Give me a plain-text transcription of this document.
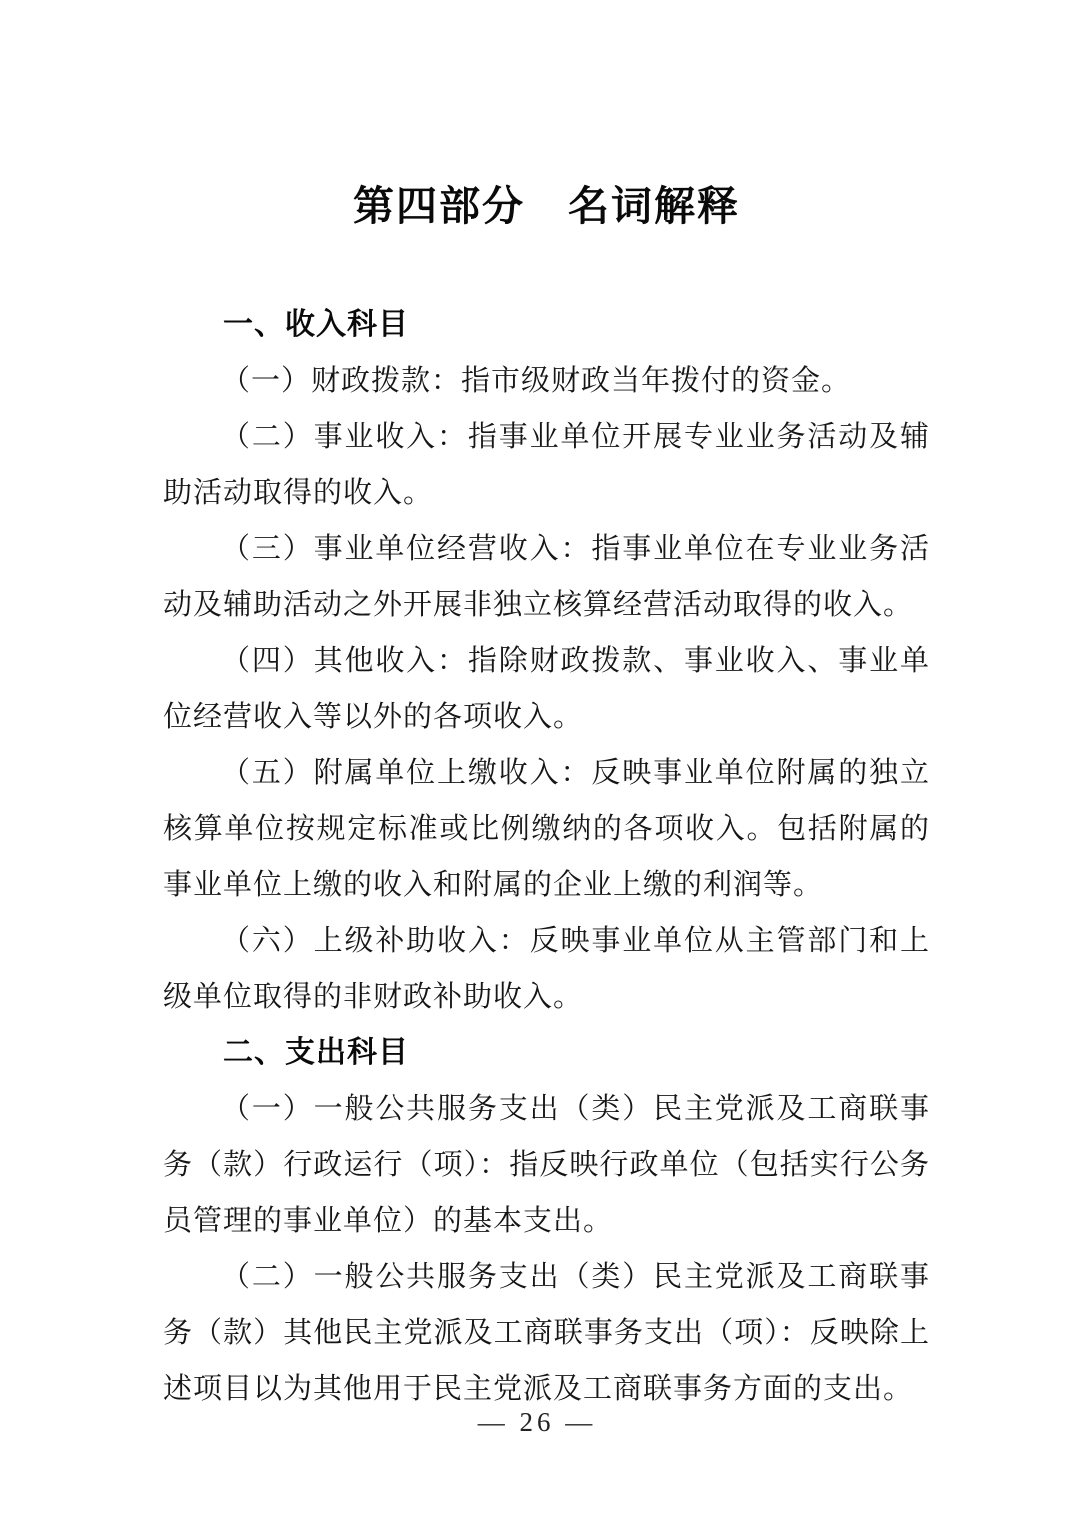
第四部分　名词解释
一、收入科目

（一）财政拨款：指市级财政当年拨付的资金。

（二）事业收入：指事业单位开展专业业务活动及辅助活动取得的收入。

（三）事业单位经营收入：指事业单位在专业业务活动及辅助活动之外开展非独立核算经营活动取得的收入。

（四）其他收入：指除财政拨款、事业收入、事业单位经营收入等以外的各项收入。

（五）附属单位上缴收入：反映事业单位附属的独立核算单位按规定标准或比例缴纳的各项收入。包括附属的事业单位上缴的收入和附属的企业上缴的利润等。

（六）上级补助收入：反映事业单位从主管部门和上级单位取得的非财政补助收入。

二、支出科目

（一）一般公共服务支出（类）民主党派及工商联事务（款）行政运行（项）：指反映行政单位（包括实行公务员管理的事业单位）的基本支出。

（二）一般公共服务支出（类）民主党派及工商联事务（款）其他民主党派及工商联事务支出（项）：反映除上述项目以为其他用于民主党派及工商联事务方面的支出。

— 26 —
